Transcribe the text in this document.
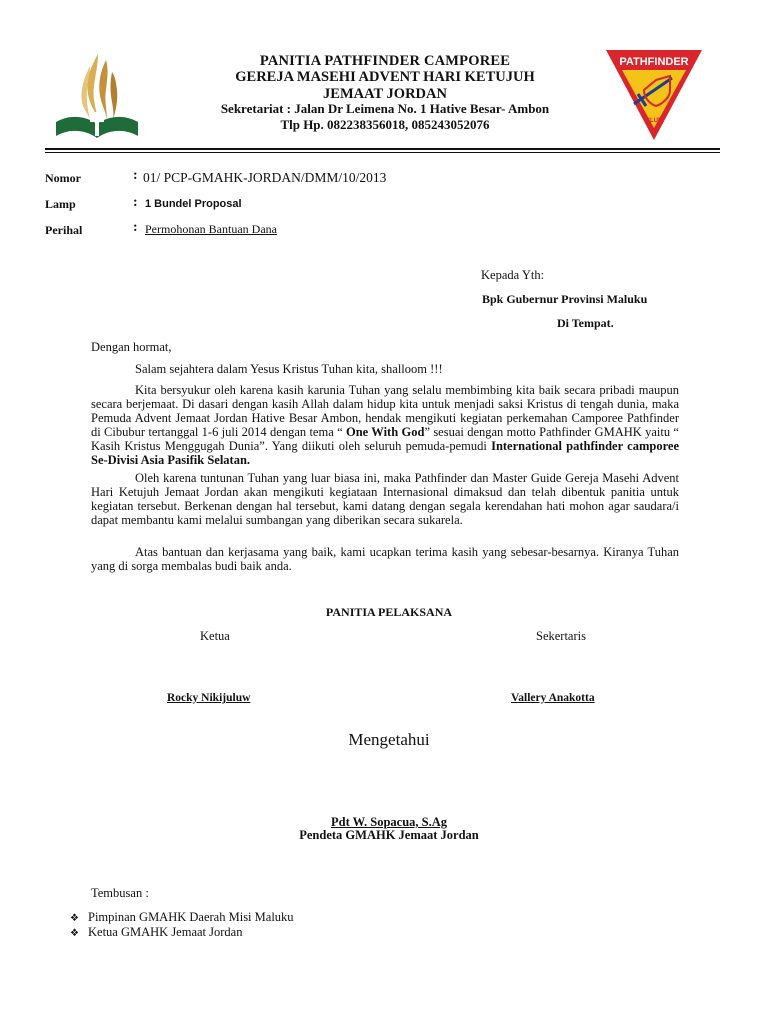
PATHFINDER
CLUB
PANITIA PATHFINDER CAMPOREE
GEREJA MASEHI ADVENT HARI KETUJUH
JEMAAT JORDAN
Sekretariat : Jalan Dr Leimena No. 1 Hative Besar- Ambon
Tlp Hp. 082238356018, 085243052076
Nomor	: 01/ PCP-GMAHK-JORDAN/DMM/10/2013
Lamp	: 1 Bundel Proposal
Perihal	: Permohonan Bantuan Dana
Kepada Yth:
Bpk Gubernur Provinsi Maluku
Di Tempat.
Dengan hormat,
Salam sejahtera dalam Yesus Kristus Tuhan kita, shalloom !!!
Kita bersyukur oleh karena kasih karunia Tuhan yang selalu membimbing kita baik secara pribadi maupun secara berjemaat. Di dasari dengan kasih Allah dalam hidup kita untuk menjadi saksi Kristus di tengah dunia, maka Pemuda Advent Jemaat Jordan Hative Besar Ambon, hendak mengikuti kegiatan perkemahan Camporee Pathfinder di Cibubur tertanggal 1-6 juli 2014 dengan tema “ One With God” sesuai dengan motto Pathfinder GMAHK yaitu “ Kasih Kristus Menggugah Dunia”. Yang diikuti oleh seluruh pemuda-pemudi International pathfinder camporee Se-Divisi Asia Pasifik Selatan.
Oleh karena tuntunan Tuhan yang luar biasa ini, maka Pathfinder dan Master Guide Gereja Masehi Advent Hari Ketujuh Jemaat Jordan akan mengikuti kegiataan Internasional dimaksud dan telah dibentuk panitia untuk kegiatan tersebut. Berkenan dengan hal tersebut, kami datang dengan segala kerendahan hati mohon agar saudara/i dapat membantu kami melalui sumbangan yang diberikan secara sukarela.
Atas bantuan dan kerjasama yang baik, kami ucapkan terima kasih yang sebesar-besarnya. Kiranya Tuhan yang di sorga membalas budi baik anda.
PANITIA PELAKSANA
Ketua	Sekertaris
Rocky Nikijuluw	Vallery Anakotta
Mengetahui
Pdt W. Sopacua, S.Ag
Pendeta GMAHK Jemaat Jordan
Tembusan :
❖ Pimpinan GMAHK Daerah Misi Maluku
❖ Ketua GMAHK Jemaat Jordan
